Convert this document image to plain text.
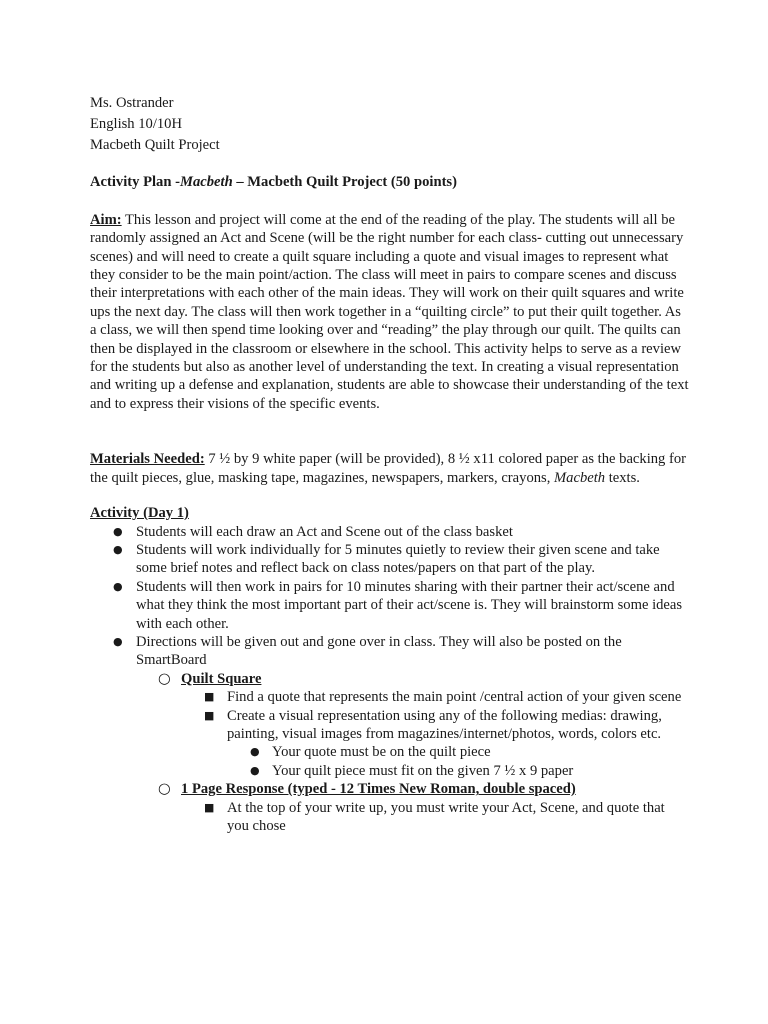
Ms. Ostrander

English 10/10H

Macbeth Quilt Project

Activity Plan -Macbeth – Macbeth Quilt Project (50 points)

Aim: This lesson and project will come at the end of the reading of the play. The students will all be randomly assigned an Act and Scene (will be the right number for each class- cutting out unnecessary scenes) and will need to create a quilt square including a quote and visual images to represent what they consider to be the main point/action. The class will meet in pairs to compare scenes and discuss their interpretations with each other of the main ideas. They will work on their quilt squares and write ups the next day. The class will then work together in a “quilting circle” to put their quilt together. As a class, we will then spend time looking over and “reading” the play through our quilt. The quilts can then be displayed in the classroom or elsewhere in the school. This activity helps to serve as a review for the students but also as another level of understanding the text. In creating a visual representation and writing up a defense and explanation, students are able to showcase their understanding of the text and to express their visions of the specific events.

Materials Needed: 7 ½ by 9 white paper (will be provided), 8 ½ x11 colored paper as the backing for the quilt pieces, glue, masking tape, magazines, newspapers, markers, crayons, Macbeth texts.

Activity (Day 1)

● Students will each draw an Act and Scene out of the class basket
● Students will work individually for 5 minutes quietly to review their given scene and take some brief notes and reflect back on class notes/papers on that part of the play.
● Students will then work in pairs for 10 minutes sharing with their partner their act/scene and what they think the most important part of their act/scene is. They will brainstorm some ideas with each other.
● Directions will be given out and gone over in class. They will also be posted on the SmartBoard
○ Quilt Square
■ Find a quote that represents the main point /central action of your given scene
■ Create a visual representation using any of the following medias: drawing, painting, visual images from magazines/internet/photos, words, colors etc.
● Your quote must be on the quilt piece
● Your quilt piece must fit on the given 7 ½ x 9 paper
○ 1 Page Response (typed - 12 Times New Roman, double spaced)
■ At the top of your write up, you must write your Act, Scene, and quote that you chose
